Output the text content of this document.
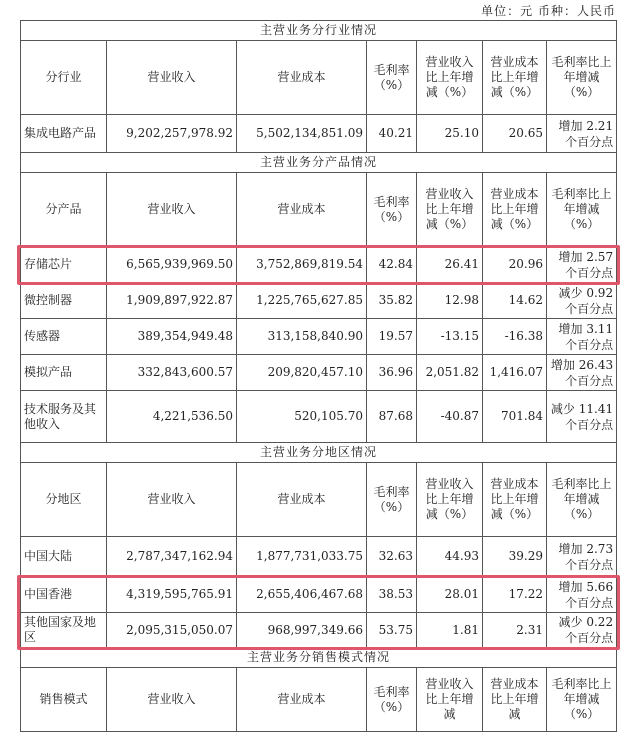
单位：元 币种：人民币
主营业务分行业情况						
分行业	营业收入	营业成本	毛利率（%）	营业收入比上年增减（%）	营业成本比上年增减（%）	毛利率比上年增减（%）
集成电路产品	9,202,257,978.92	5,502,134,851.09	40.21	25.10	20.65	增加 2.21 个百分点
主营业务分产品情况						
分产品	营业收入	营业成本	毛利率（%）	营业收入比上年增减（%）	营业成本比上年增减（%）	毛利率比上年增减（%）
存储芯片	6,565,939,969.50	3,752,869,819.54	42.84	26.41	20.96	增加 2.57 个百分点
微控制器	1,909,897,922.87	1,225,765,627.85	35.82	12.98	14.62	减少 0.92 个百分点
传感器	389,354,949.48	313,158,840.90	19.57	-13.15	-16.38	增加 3.11 个百分点
模拟产品	332,843,600.57	209,820,457.10	36.96	2,051.82	1,416.07	增加 26.43 个百分点
技术服务及其他收入	4,221,536.50	520,105.70	87.68	-40.87	701.84	减少 11.41 个百分点
主营业务分地区情况						
分地区	营业收入	营业成本	毛利率（%）	营业收入比上年增减（%）	营业成本比上年增减（%）	毛利率比上年增减（%）
中国大陆	2,787,347,162.94	1,877,731,033.75	32.63	44.93	39.29	增加 2.73 个百分点
中国香港	4,319,595,765.91	2,655,406,467.68	38.53	28.01	17.22	增加 5.66 个百分点
其他国家及地区	2,095,315,050.07	968,997,349.66	53.75	1.81	2.31	减少 0.22 个百分点
主营业务分销售模式情况						
销售模式	营业收入	营业成本	毛利率（%）	营业收入比上年增减	营业成本比上年增减	毛利率比上年增减（%）
